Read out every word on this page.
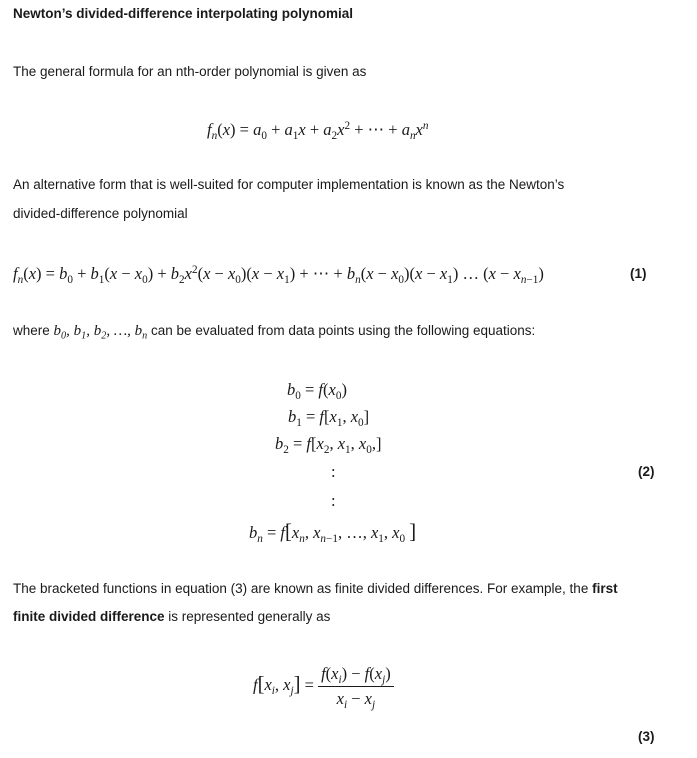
Newton’s divided-difference interpolating polynomial
The general formula for an nth-order polynomial is given as
$f_n(x) = a_0 + a_1x + a_2x^2$ + ⋯ + $a_nx^n$
An alternative form that is well-suited for computer implementation is known as the Newton’s
divided-difference polynomial
$f_n(x) = b_0 + b_1(x - x_0) + b_2x^2(x - x_0)(x - x_1)$ + ⋯ + $b_n(x - x_0)(x - x_1)$ … $(x - x_{n-1})$	(1)
where $b_0$, $b_1$, $b_2$, …, $b_n$ can be evaluated from data points using the following equations:
$b_0 = f(x_0)$
$b_1 = f[x_1$, $x_0$]
$b_2 = f[x_2$, $x_1$, $x_0$,]
:	(2)
:
$b_n = f[x_n$, $x_{n-1}$, …, $x_1$, $x_0$ ]
The bracketed functions in equation (3) are known as finite divided differences. For example, the first
finite divided difference is represented generally as
$f[x_i$, $x_j] = \frac{f(x_i) - f(x_j)}{x_i - x_j}$
(3)
